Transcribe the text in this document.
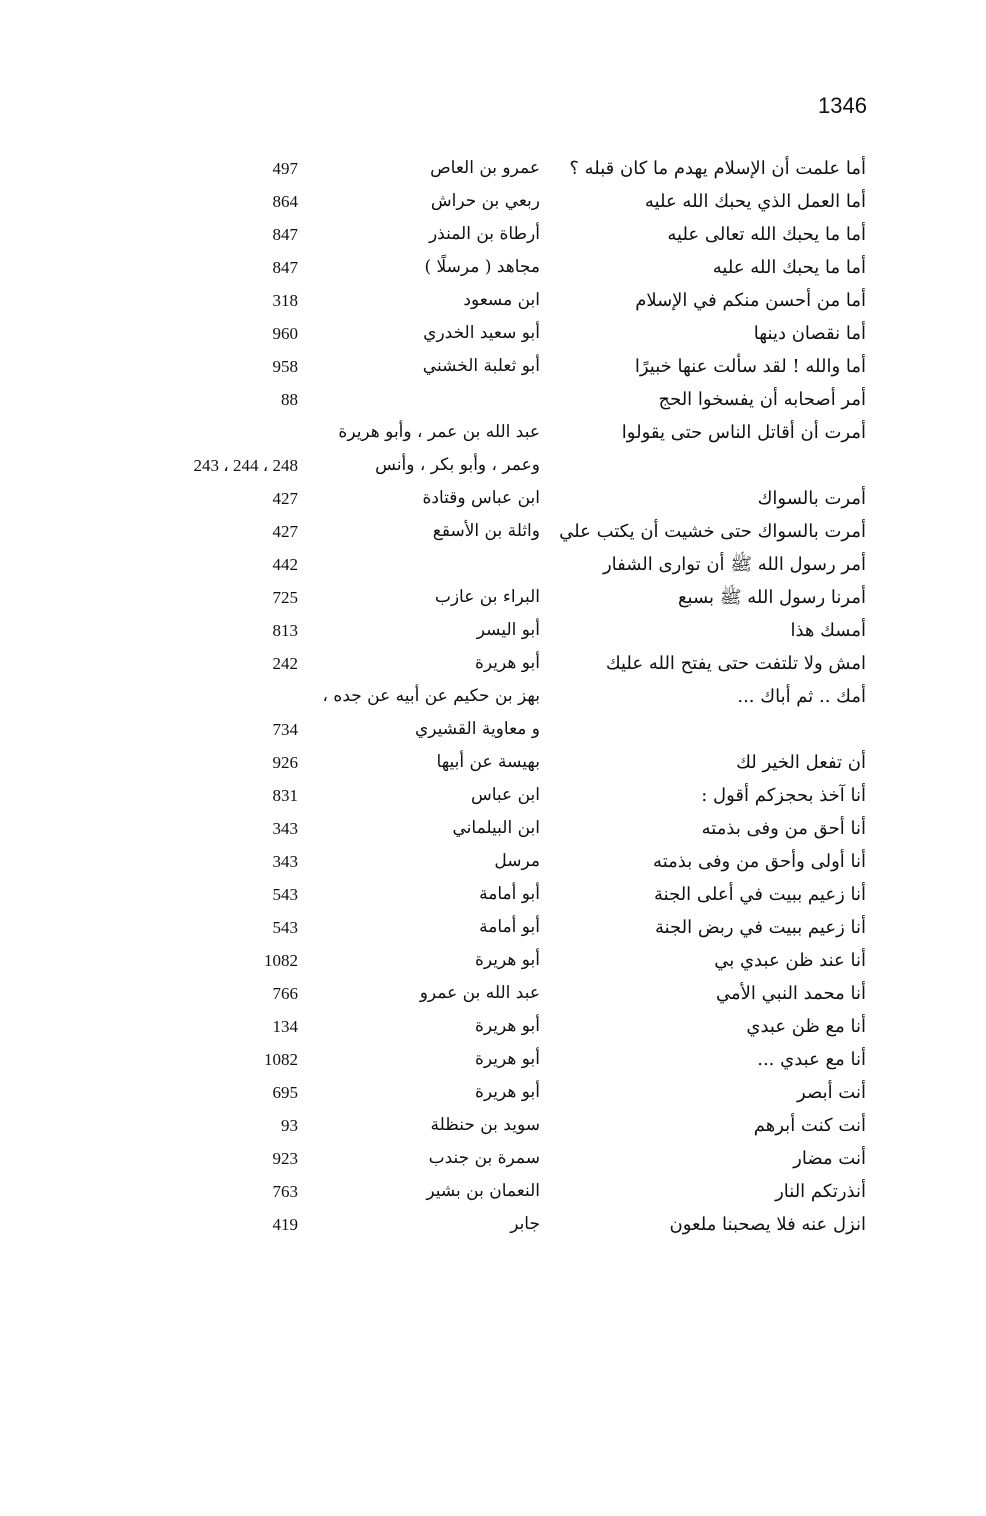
1346
أما علمت أن الإسلام يهدم ما كان قبله ؟
عمرو بن العاص
497
أما العمل الذي يحبك الله عليه
ربعي بن حراش
864
أما ما يحبك الله تعالى عليه
أرطاة بن المنذر
847
أما ما يحبك الله عليه
مجاهد ( مرسلًا )
847
أما من أحسن منكم في الإسلام
ابن مسعود
318
أما نقصان دينها
أبو سعيد الخدري
960
أما والله ! لقد سألت عنها خبيرًا
أبو ثعلبة الخشني
958
أمر أصحابه أن يفسخوا الحج
88
أمرت أن أقاتل الناس حتى يقولوا
عبد الله بن عمر ، وأبو هريرة
وعمر ، وأبو بكر ، وأنس
243 ، 244 ، 248
أمرت بالسواك
ابن عباس وقتادة
427
أمرت بالسواك حتى خشيت أن يكتب علي
واثلة بن الأسقع
427
أمر رسول الله ﷺ أن توارى الشفار
442
أمرنا رسول الله ﷺ بسبع
البراء بن عازب
725
أمسك هذا
أبو اليسر
813
امش ولا تلتفت حتى يفتح الله عليك
أبو هريرة
242
أمك .. ثم أباك ...
بهز بن حكيم عن أبيه عن جده ،
و معاوية القشيري
734
أن تفعل الخير لك
بهيسة عن أبيها
926
أنا آخذ بحجزكم أقول :
ابن عباس
831
أنا أحق من وفى بذمته
ابن البيلماني
343
أنا أولى وأحق من وفى بذمته
مرسل
343
أنا زعيم ببيت في أعلى الجنة
أبو أمامة
543
أنا زعيم ببيت في ربض الجنة
أبو أمامة
543
أنا عند ظن عبدي بي
أبو هريرة
1082
أنا محمد النبي الأمي
عبد الله بن عمرو
766
أنا مع ظن عبدي
أبو هريرة
134
أنا مع عبدي ...
أبو هريرة
1082
أنت أبصر
أبو هريرة
695
أنت كنت أبرهم
سويد بن حنظلة
93
أنت مضار
سمرة بن جندب
923
أنذرتكم النار
النعمان بن بشير
763
انزل عنه فلا يصحبنا ملعون
جابر
419
